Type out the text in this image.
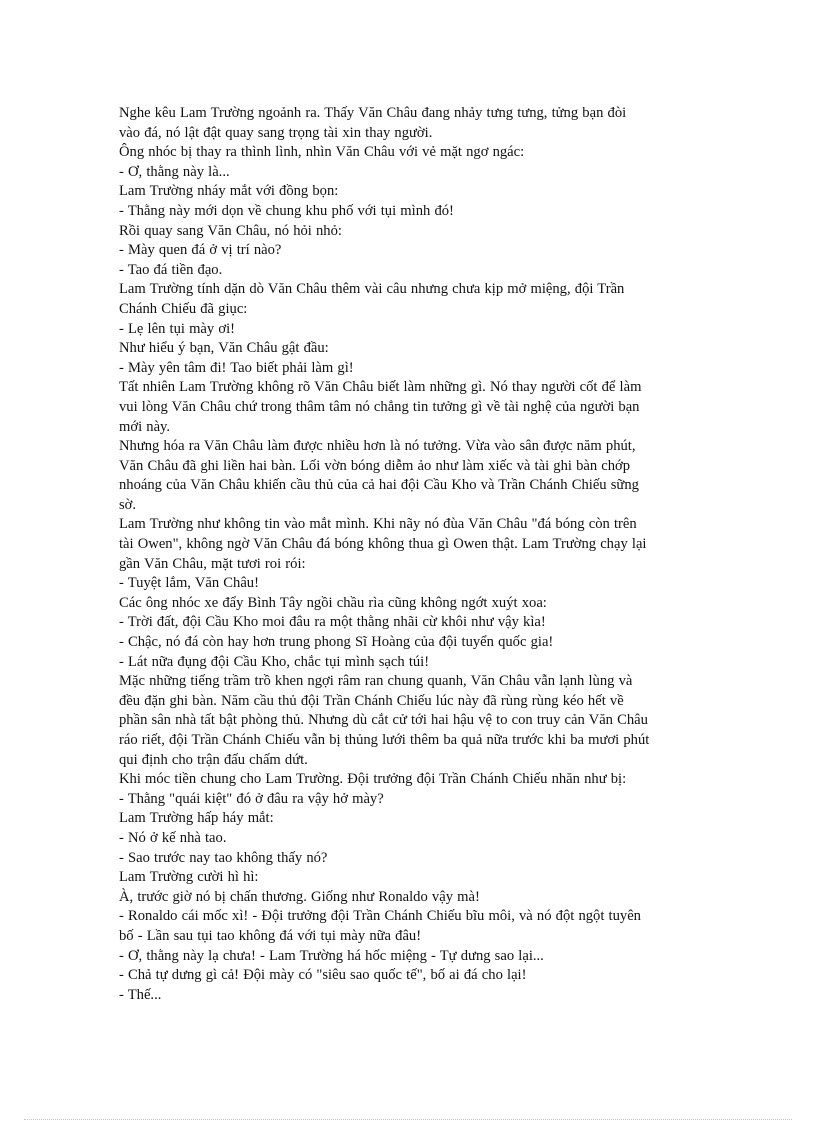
Nghe kêu Lam Trường ngoảnh ra. Thấy Văn Châu đang nhảy tưng tưng, tửng bạn đòi
vào đá, nó lật đật quay sang trọng tài xin thay người.
Ông nhóc bị thay ra thình lình, nhìn Văn Châu với vẻ mặt ngơ ngác:
- Ơ, thằng này là...
Lam Trường nháy mắt với đồng bọn:
- Thằng này mới dọn về chung khu phố với tụi mình đó!
Rồi quay sang Văn Châu, nó hỏi nhỏ:
- Mày quen đá ở vị trí nào?
- Tao đá tiền đạo.
Lam Trường tính dặn dò Văn Châu thêm vài câu nhưng chưa kịp mở miệng, đội Trần
Chánh Chiếu đã giục:
- Lẹ lên tụi mày ơi!
Như hiểu ý bạn, Văn Châu gật đầu:
- Mày yên tâm đi! Tao biết phải làm gì!
Tất nhiên Lam Trường không rõ Văn Châu biết làm những gì. Nó thay người cốt để làm
vui lòng Văn Châu chứ trong thâm tâm nó chẳng tin tưởng gì về tài nghệ của người bạn
mới này.
Nhưng hóa ra Văn Châu làm được nhiều hơn là nó tưởng. Vừa vào sân được năm phút,
Văn Châu đã ghi liền hai bàn. Lối vờn bóng diễm ảo như làm xiếc và tài ghi bàn chớp
nhoáng của Văn Châu khiến cầu thủ của cả hai đội Cầu Kho và Trần Chánh Chiếu sững
sờ.
Lam Trường như không tin vào mắt mình. Khi nãy nó đùa Văn Châu "đá bóng còn trên
tài Owen", không ngờ Văn Châu đá bóng không thua gì Owen thật. Lam Trường chạy lại
gần Văn Châu, mặt tươi roi rói:
- Tuyệt lắm, Văn Châu!
Các ông nhóc xe đẩy Bình Tây ngồi chầu rìa cũng không ngớt xuýt xoa:
- Trời đất, đội Cầu Kho moi đâu ra một thằng nhãi cừ khôi như vậy kìa!
- Chậc, nó đá còn hay hơn trung phong Sĩ Hoàng của đội tuyển quốc gia!
- Lát nữa đụng đội Cầu Kho, chắc tụi mình sạch túi!
Mặc những tiếng trầm trồ khen ngợi râm ran chung quanh, Văn Châu vẫn lạnh lùng và
đều đặn ghi bàn. Năm cầu thủ đội Trần Chánh Chiếu lúc này đã rùng rùng kéo hết về
phần sân nhà tất bật phòng thủ. Nhưng dù cắt cử tới hai hậu vệ to con truy cản Văn Châu
ráo riết, đội Trần Chánh Chiếu vẫn bị thủng lưới thêm ba quả nữa trước khi ba mươi phút
qui định cho trận đấu chấm dứt.
Khi móc tiền chung cho Lam Trường. Đội trưởng đội Trần Chánh Chiếu nhăn như bị:
- Thằng "quái kiệt" đó ở đâu ra vậy hở mày?
Lam Trường hấp háy mắt:
- Nó ở kế nhà tao.
- Sao trước nay tao không thấy nó?
Lam Trường cười hì hì:
À, trước giờ nó bị chấn thương. Giống như Ronaldo vậy mà!
- Ronaldo cái mốc xì! - Đội trưởng đội Trần Chánh Chiếu bĩu môi, và nó đột ngột tuyên
bố - Lần sau tụi tao không đá với tụi mày nữa đâu!
- Ơ, thằng này lạ chưa! - Lam Trường há hốc miệng - Tự dưng sao lại...
- Chả tự dưng gì cả! Đội mày có "siêu sao quốc tế", bố ai đá cho lại!
- Thế...
